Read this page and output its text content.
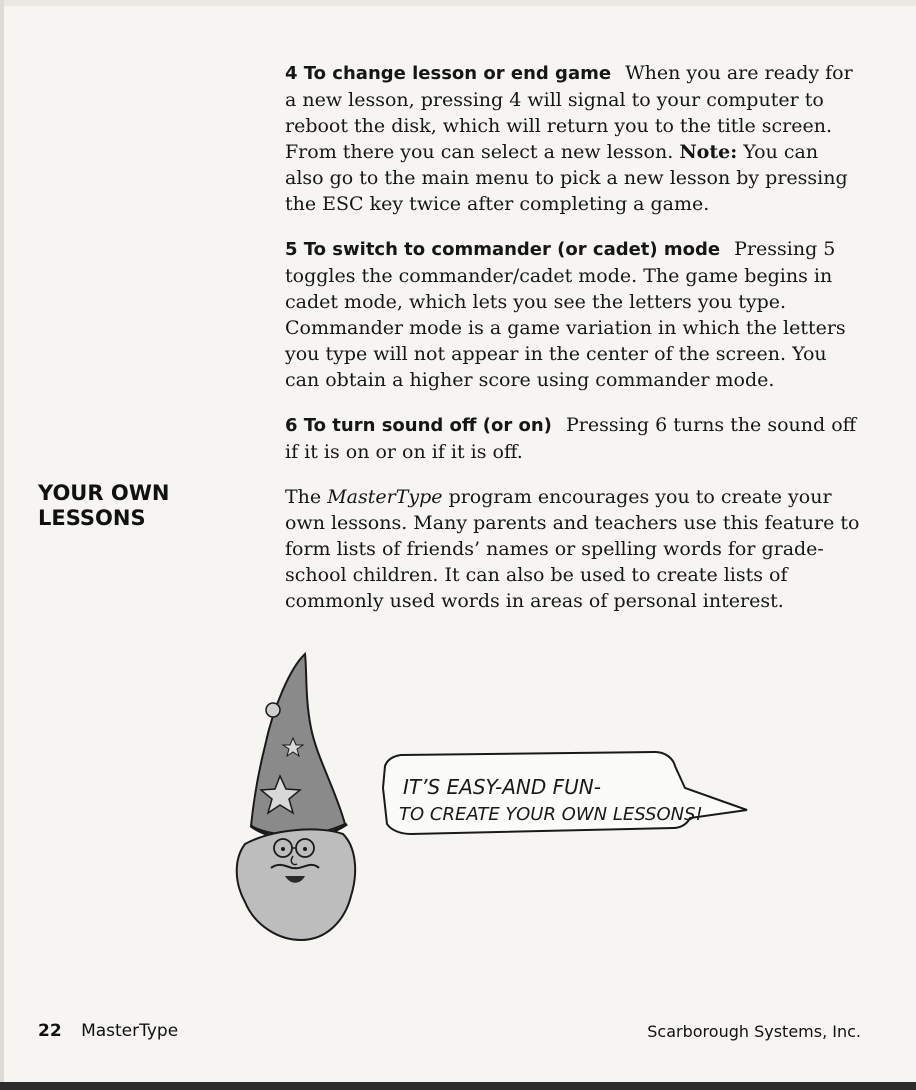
4 To change lesson or end game When you are ready for a new lesson, pressing 4 will signal to your computer to reboot the disk, which will return you to the title screen. From there you can select a new lesson. Note: You can also go to the main menu to pick a new lesson by pressing the ESC key twice after completing a game.

5 To switch to commander (or cadet) mode Pressing 5 toggles the commander/cadet mode. The game begins in cadet mode, which lets you see the letters you type. Commander mode is a game variation in which the letters you type will not appear in the center of the screen. You can obtain a higher score using commander mode.

6 To turn sound off (or on) Pressing 6 turns the sound off if it is on or on if it is off.

The MasterType program encourages you to create your own lessons. Many parents and teachers use this feature to form lists of friends’ names or spelling words for grade-school children. It can also be used to create lists of commonly used words in areas of personal interest.

YOUR OWN
LESSONS
IT’S EASY-AND FUN-
TO CREATE YOUR OWN LESSONS!
22 MasterType	Scarborough Systems, Inc.
